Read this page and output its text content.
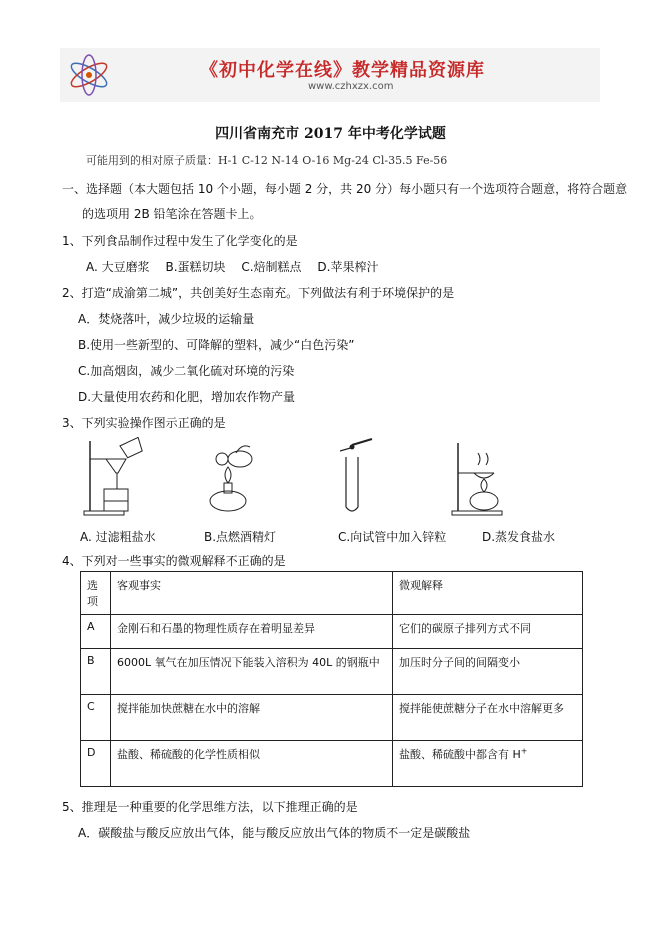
《初中化学在线》教学精品资源库
www.czhxzx.com
四川省南充市 2017 年中考化学试题
可能用到的相对原子质量：H-1 C-12 N-14 O-16 Mg-24 Cl-35.5 Fe-56
一、选择题（本大题包括 10 个小题，每小题 2 分，共 20 分）每小题只有一个选项符合题意，将符合题意
的选项用 2B 铅笔涂在答题卡上。
1、下列食品制作过程中发生了化学变化的是
A. 大豆磨浆 B.蛋糕切块 C.焙制糕点 D.苹果榨汁
2、打造“成渝第二城”，共创美好生态南充。下列做法有利于环境保护的是
A．焚烧落叶，减少垃圾的运输量
B.使用一些新型的、可降解的塑料，减少“白色污染”
C.加高烟囱，减少二氧化硫对环境的污染
D.大量使用农药和化肥，增加农作物产量
3、下列实验操作图示正确的是
A. 过滤粗盐水	B.点燃酒精灯	C.向试管中加入锌粒	D.蒸发食盐水
4、下列对一些事实的微观解释不正确的是
选项	客观事实	微观解释
A	金刚石和石墨的物理性质存在着明显差异	它们的碳原子排列方式不同
B	6000L 氧气在加压情况下能装入溶积为 40L 的钢瓶中	加压时分子间的间隔变小
C	搅拌能加快蔗糖在水中的溶解	搅拌能使蔗糖分子在水中溶解更多
D	盐酸、稀硫酸的化学性质相似	盐酸、稀硫酸中都含有 H+
5、推理是一种重要的化学思维方法，以下推理正确的是
A．碳酸盐与酸反应放出气体，能与酸反应放出气体的物质不一定是碳酸盐
